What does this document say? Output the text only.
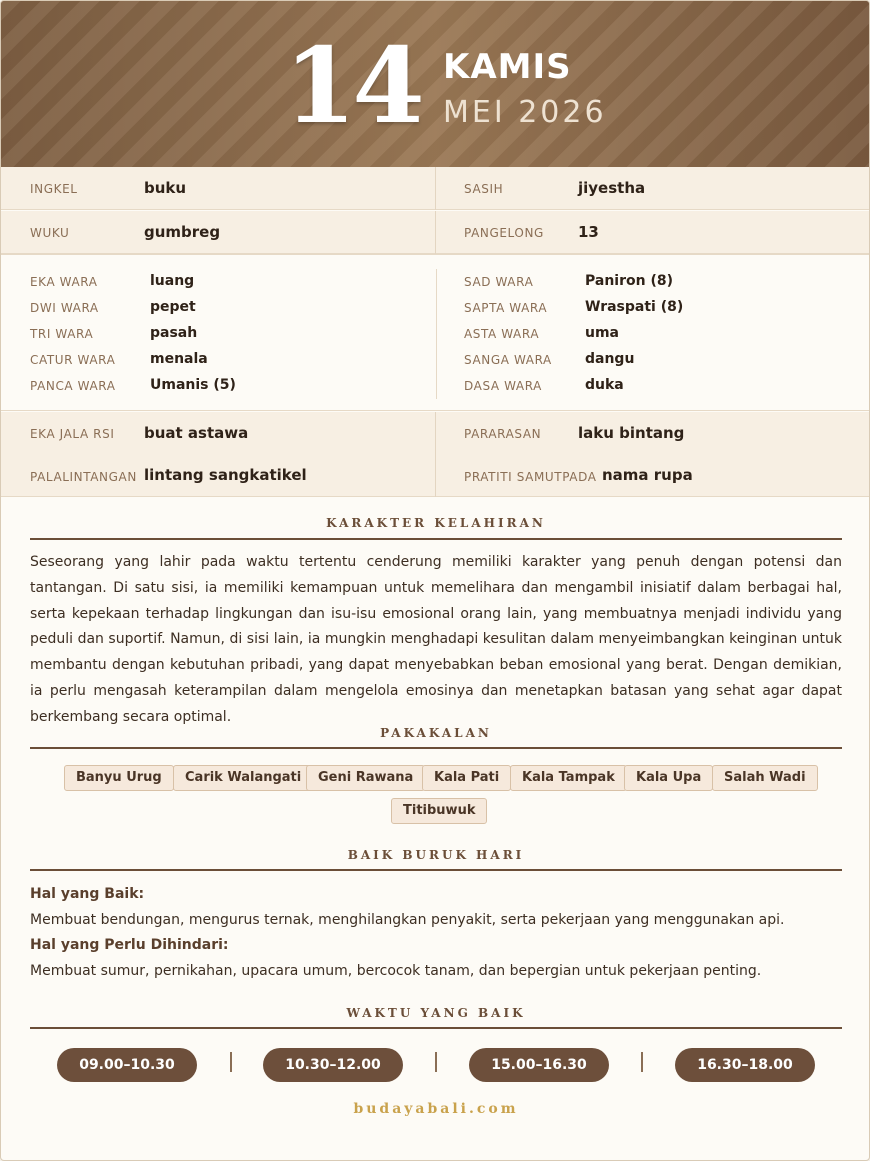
14 KAMIS
MEI 2026
INGKEL	buku	SASIH	jiyestha
WUKU	gumbreg	PANGELONG 13
EKA WARA	luang
DWI WARA	pepet
TRI WARA	pasah
CATUR WARA menala
PANCA WARA Umanis (5)
SAD WARA	Paniron (8)
SAPTA WARA	Wraspati (8)
ASTA WARA	uma
SANGA WARA dangu
DASA WARA	duka
EKA JALA RSI buat astawa	PARARASAN laku bintang
PALALINTANGAN lintang sangkatikel	PRATITI SAMUTPADA nama rupa
KARAKTER KELAHIRAN
Seseorang yang lahir pada waktu tertentu cenderung memiliki karakter yang penuh dengan potensi dan tantangan. Di satu sisi, ia memiliki kemampuan untuk memelihara dan mengambil inisiatif dalam berbagai hal, serta kepekaan terhadap lingkungan dan isu-isu emosional orang lain, yang membuatnya menjadi individu yang peduli dan suportif. Namun, di sisi lain, ia mungkin menghadapi kesulitan dalam menyeimbangkan keinginan untuk membantu dengan kebutuhan pribadi, yang dapat menyebabkan beban emosional yang berat. Dengan demikian, ia perlu mengasah keterampilan dalam mengelola emosinya dan menetapkan batasan yang sehat agar dapat berkembang secara optimal.
PAKAKALAN
Banyu Urug	Carik Walangati	Geni Rawana	Kala Pati	Kala Tampak	Kala Upa	Salah Wadi
Titibuwuk
BAIK BURUK HARI
Hal yang Baik:
Membuat bendungan, mengurus ternak, menghilangkan penyakit, serta pekerjaan yang menggunakan api.
Hal yang Perlu Dihindari:
Membuat sumur, pernikahan, upacara umum, bercocok tanam, dan bepergian untuk pekerjaan penting.
WAKTU YANG BAIK
09.00–10.30	10.30–12.00	15.00–16.30	16.30–18.00
budayabali.com
